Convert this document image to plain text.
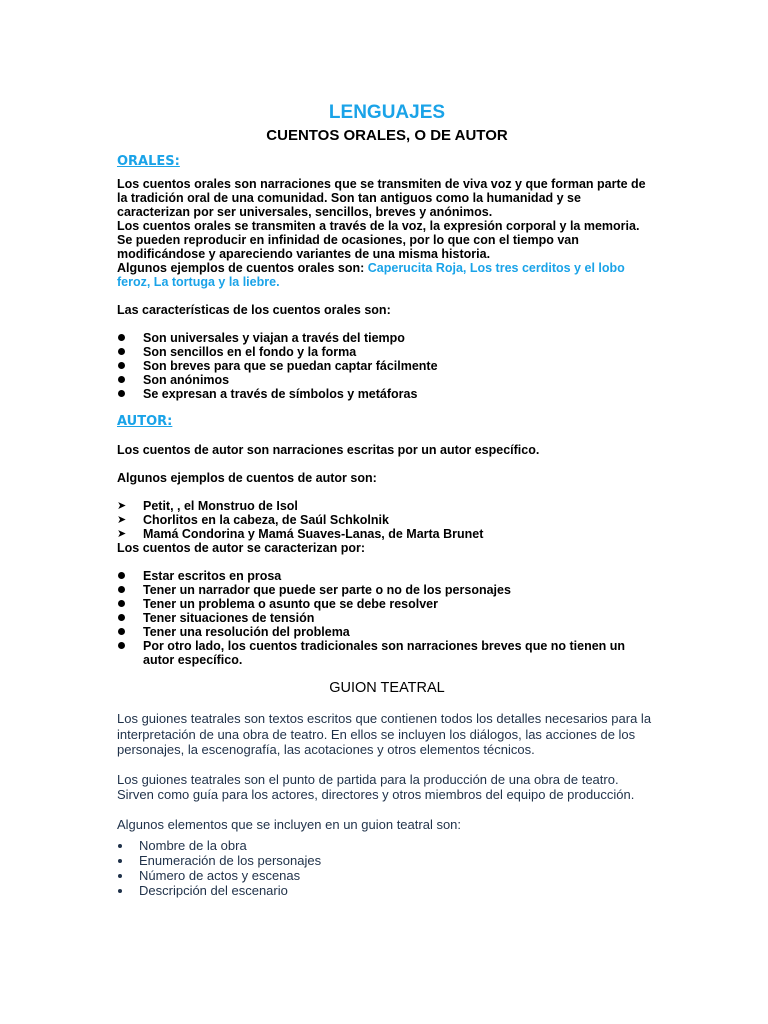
LENGUAJES
CUENTOS ORALES, O DE AUTOR
ORALES:

Los cuentos orales son narraciones que se transmiten de viva voz y que forman parte de la tradición oral de una comunidad. Son tan antiguos como la humanidad y se caracterizan por ser universales, sencillos, breves y anónimos.

Los cuentos orales se transmiten a través de la voz, la expresión corporal y la memoria. Se pueden reproducir en infinidad de ocasiones, por lo que con el tiempo van modificándose y apareciendo variantes de una misma historia.

Algunos ejemplos de cuentos orales son: Caperucita Roja, Los tres cerditos y el lobo feroz, La tortuga y la liebre.

Las características de los cuentos orales son:

Son universales y viajan a través del tiempo
Son sencillos en el fondo y la forma
Son breves para que se puedan captar fácilmente
Son anónimos
Se expresan a través de símbolos y metáforas
AUTOR:

Los cuentos de autor son narraciones escritas por un autor específico.

Algunos ejemplos de cuentos de autor son:

➤ Petit, , el Monstruo de Isol
➤ Chorlitos en la cabeza, de Saúl Schkolnik
➤ Mamá Condorina y Mamá Suaves-Lanas, de Marta Brunet

Los cuentos de autor se caracterizan por:

Estar escritos en prosa
Tener un narrador que puede ser parte o no de los personajes
Tener un problema o asunto que se debe resolver
Tener situaciones de tensión
Tener una resolución del problema
Por otro lado, los cuentos tradicionales son narraciones breves que no tienen un autor específico.
GUION TEATRAL

Los guiones teatrales son textos escritos que contienen todos los detalles necesarios para la interpretación de una obra de teatro. En ellos se incluyen los diálogos, las acciones de los personajes, la escenografía, las acotaciones y otros elementos técnicos.

Los guiones teatrales son el punto de partida para la producción de una obra de teatro. Sirven como guía para los actores, directores y otros miembros del equipo de producción.

Algunos elementos que se incluyen en un guion teatral son:

Nombre de la obra
Enumeración de los personajes
Número de actos y escenas
Descripción del escenario
